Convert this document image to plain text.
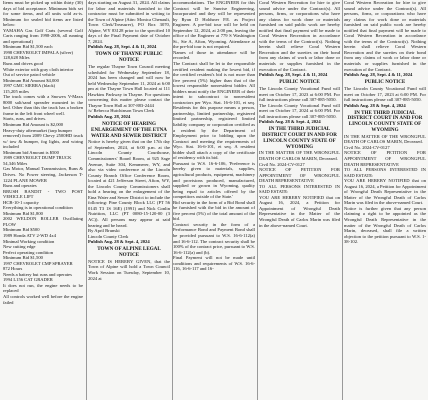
Items must be picked up within thirty (30) days of bid acceptance. Minimum bids set for some items, and all units sold as-is. Minimum for sealed bid items are listed below:

YAMAHA Gas Golf Carts (several Golf Carts ranging from 1998-2006, all running and operational)

Minimum Bid $1,500 each

1998 CHEVROLET IMPALA (silver)

128,628 Miles

Runs and drives good

White exterior with gray cloth interior

Out of service patrol vehicle

Minimum Bid Amount $4,000

1997 GMC SIERRA (black)

115,205 miles

The truck comes with a Snowex V-Maxx 8000 salt/sand spreader mounted in the bed. Other than this the truck has a broken frame in the left front wheel well.

Starts, runs, and drives.

Minimum Bid Amount is $2,000

Heavy-duty aftermarket (tarp bumper

removed) from 2009 Chevy 2500HD truck w/ tow & bumper, fog lights, and wiring included

Minimum bid Amount is $500

1989 CHEVROLET DUMP TRUCK

54,346 Miles

Gas Motor, Manual Transmission, Runs & Drives. No Power steering, Jackerson T-1224 PLANE MOWER

Runs and operates

BRUSH BANDIT - TWO POST VEHICLE LIFT

HCB-10-1 capacity

Everything is in operational condition

Minimum Bid $1,800

2002 WELDON ROLLER Oscillating PLOW

Minimum Bid $500

1989 Honda ATV 2-WD 4x4

Minimal Working condition

New cutting edge

Perfect operating condition

Minimum Bid $1,500

1997 CHEVROLET CMP SPRAYER

872 Hours

Needs a battery but runs and operates

1994 L156 CAT GRADER

It does not run, the engine needs to be replaced

All controls worked well before the engine failed

days starting on August 31, 2024. All claims for labor and materials furnished to the contractor must be submitted in writing to the Town of Alpine (Attn: Monica Chenault, Town Clerk/Treasurer), PO Box 3070, Alpine, WY 83128 prior to the specified 10 days of the Final Payment date of October 7, 2024.

Publish Aug. 28, Sept. 4 & 11, 2024

TOWN OF THAYNE PUBLIC NOTICE

The regular Thayne Town Council meeting scheduled for Wednesday September 18, 2024 has been changed and will now be held Wednesday September 11, 2024 at 6:00 pm at the Thayne Town Hall located at 111 Hawkins Parkway in Thayne. For questions concerning this matter please contact the Thayne Town Hall at 307-883-2444

/s/ Rebecca Hutchinson Town Clerk

Publish Aug. 28, 2024

NOTICE OF HEARING ENLARGEMENT OF THE ETNA WATER AND SEWER DISTRICT

Notice is hereby given that on the 17th day of September, 2024, at 6:00 p.m. at the Lincoln County Courthouse, Commissioners' Board Room, at 925 Sage Avenue, Suite 304, Kemmerer, WY, and also via video conference at the Lincoln County Branch Office Conference Room, located at 421 Jefferson Street, Afton, WY, the Lincoln County Commissioners shall hold a hearing on the enlargement of the Etna Water and Sewer District to include the following: Pine County Block LLC (PT 56 0145 T3 1S 16E) (1991) and Nick Conlin Nutrition, LLC (PT 0080-15-120-00 (3 AC)). All persons may appear at said hearing and be heard.

By April Brunski

Lincoln County Clerk

Publish Aug. 28 & Sept. 4, 2024

TOWN OF ALPINE LEGAL NOTICE

NOTICE IS HEREBY GIVEN, that the Town of Alpine will hold a Town Council Work Session on Tuesday, September 10, 2024 at

accommodations. The ENGINEER for this Contract will be Sunrise Engineering, Incorporated and they will be represented by Ryan D Holdsner P.E. as Project Engineer. A pre-bid tour will be held on September 12, 2024, at 2:00 pm, leaving the office of the Engineer at 779 S Washington St., Ste A, Afton, Wyoming. Attendance at the pre-bid tour is not required.

Names of those in attendance will be recorded.

The Contract shall be let to the responsible certified resident making the lowest bid, if the certified resident's bid is not more than five percent (5%) higher than that of the lowest responsible nonresident bidder. All bidders must notify the ENGINEER of their intent to subcontract to nonresident contractors per Wyo. Stat. 16-6-101, et seq. Residents for this purpose means a person, partnership, limited partnership, registered limited partnership, registered limited liability company or corporation certified as a resident by the Department of Employment prior to bidding upon the Contract and meeting the requirements of Wyo. Stat. 16-6-101, et seq. A resident bidder shall attach a copy of the certificate of residency with its bid.

Pursuant to W.S. 16-6-106, 'Preference is hereby given to materials, supplies, agricultural products, equipment, machinery and provisions produced, manufactured, supplied or grown in Wyoming, quality being equal to articles offered by the competitors outside of the State.'

Bid security in the form of a Bid Bond shall be furnished with the bid in the amount of five percent (5%) of the total amount of the bid.

Contract security in the form of a Performance Bond and Payment Bond shall be provided pursuant to W.S. 16-6-112(a) and 16-6-112. The contract security shall be 100% of the contract price, pursuant to W.S. 16-6-112(a) and (b).

Final Payment will not be made until conditions and requirements of W.S. 16-6-116, 16-6-117 and 16-

Coral Western Recreation for hire to give sound advice under the Contract(s). All persons, firms, or corporations who have any claims for work done or materials furnished on said public work are hereby notified that final payment will be made to Coral Western Recreation in accordance with the terms of the Contract(s). Nothing herein shall relieve Coral Western Recreation and the sureties on their bond from any claims of work or labor done or materials or supplies furnished in the execution of the Contract.

Publish Aug. 28, Sept. 4 & 11, 2024

PUBLIC NOTICE

The Lincoln County Vocational Fund will meet on October 17, 2023 at 6:00 PM. For full instructions please call 307-885-5050.

The Lincoln County Vocational Fund will meet on October 17, 2024 at 6:00 PM. For full instructions please call 307-885-5050.

Publish Aug. 28 & Sept. 4, 2024

IN THE THIRD JUDICIAL DISTRICT COURT IN AND FOR LINCOLN COUNTY STATE OF WYOMING

IN THE MATTER OF THE WRONGFUL DEATH OF CARLOS MARIN, Deceased.

Civil No. 2024-CV-0127

NOTICE OF PETITION FOR APPOINTMENT OF WRONGFUL DEATH REPRESENTATIVE

TO ALL PERSONS INTERESTED IN SAID ESTATE:

YOU ARE HEREBY NOTIFIED that on August 16, 2024, a Petition for Appointment of Wrongful Death Representative in the Matter of the Wrongful Death of Carlos Marin was filed in the above-named Court.

Coral Western Recreation for hire to give sound advice under the Contract(s). All persons, firms, or corporations who have any claims for work done or materials furnished on said public work are hereby notified that final payment will be made to Coral Western Recreation in accordance with the terms of the Contract(s). Nothing herein shall relieve Coral Western Recreation and the sureties on their bond from any claims of work or labor done or materials or supplies furnished in the execution of the Contract.

Publish Aug. 28, Sept. 4 & 11, 2024

PUBLIC NOTICE

The Lincoln County Vocational Fund will meet on October 17, 2023 at 6:00 PM. For full instructions please call 307-885-5050.

Publish Aug. 28 & Sept. 4, 2024

IN THE THIRD JUDICIAL DISTRICT COURT IN AND FOR LINCOLN COUNTY STATE OF WYOMING

IN THE MATTER OF THE WRONGFUL DEATH OF CARLOS MARIN, Deceased.

Civil No. 2024-CV-0127

NOTICE OF PETITION FOR APPOINTMENT OF WRONGFUL DEATH REPRESENTATIVE

TO ALL PERSONS INTERESTED IN SAID ESTATE:

YOU ARE HEREBY NOTIFIED that on August 16, 2024, a Petition for Appointment of Wrongful Death Representative in the Matter of the Wrongful Death of Carlos Marin was filed in the above-named Court.

Notice is further given that any person claiming a right to be appointed as the Wrongful Death Representative in the matter of the Wrongful Death of Carlos Marin, deceased, shall file a written objection to the petition pursuant to W.S. 1-38-102.
